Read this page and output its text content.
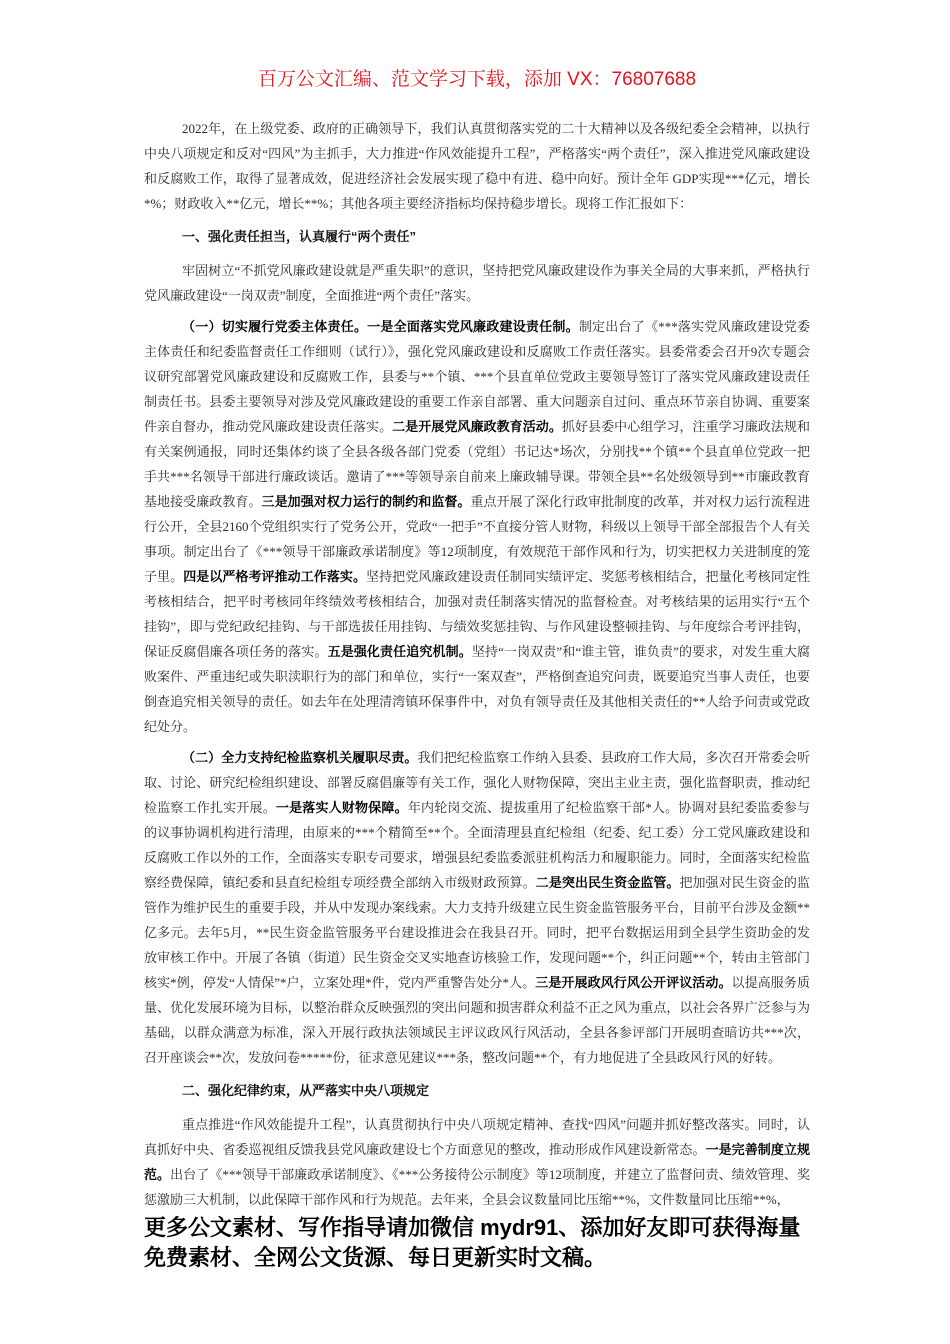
百万公文汇编、范文学习下载，添加 VX：76807688

2022年，在上级党委、政府的正确领导下，我们认真贯彻落实党的二十大精神以及各级纪委全会精神，以执行中央八项规定和反对“四风”为主抓手，大力推进“作风效能提升工程”，严格落实“两个责任”，深入推进党风廉政建设和反腐败工作，取得了显著成效，促进经济社会发展实现了稳中有进、稳中向好。预计全年 GDP实现***亿元，增长*%；财政收入**亿元，增长**%；其他各项主要经济指标均保持稳步增长。现将工作汇报如下：

一、强化责任担当，认真履行“两个责任”

牢固树立“不抓党风廉政建设就是严重失职”的意识，坚持把党风廉政建设作为事关全局的大事来抓，严格执行党风廉政建设“一岗双责”制度，全面推进“两个责任”落实。

（一）切实履行党委主体责任。一是全面落实党风廉政建设责任制。制定出台了《***落实党风廉政建设党委主体责任和纪委监督责任工作细则（试行）》，强化党风廉政建设和反腐败工作责任落实。县委常委会召开9次专题会议研究部署党风廉政建设和反腐败工作，县委与**个镇、***个县直单位党政主要领导签订了落实党风廉政建设责任制责任书。县委主要领导对涉及党风廉政建设的重要工作亲自部署、重大问题亲自过问、重点环节亲自协调、重要案件亲自督办，推动党风廉政建设责任落实。二是开展党风廉政教育活动。抓好县委中心组学习，注重学习廉政法规和有关案例通报，同时还集体约谈了全县各级各部门党委（党组）书记达*场次，分别找**个镇**个县直单位党政一把手共***名领导干部进行廉政谈话。邀请了***等领导亲自前来上廉政辅导课。带领全县**名处级领导到**市廉政教育基地接受廉政教育。三是加强对权力运行的制约和监督。重点开展了深化行政审批制度的改革，并对权力运行流程进行公开，全县2160个党组织实行了党务公开，党政“一把手”不直接分管人财物，科级以上领导干部全部报告个人有关事项。制定出台了《***领导干部廉政承诺制度》等12项制度，有效规范干部作风和行为，切实把权力关进制度的笼子里。四是以严格考评推动工作落实。坚持把党风廉政建设责任制同实绩评定、奖惩考核相结合，把量化考核同定性考核相结合，把平时考核同年终绩效考核相结合，加强对责任制落实情况的监督检查。对考核结果的运用实行“五个挂钩”，即与党纪政纪挂钩、与干部选拔任用挂钩、与绩效奖惩挂钩、与作风建设整顿挂钩、与年度综合考评挂钩，保证反腐倡廉各项任务的落实。五是强化责任追究机制。坚持“一岗双责”和“谁主管，谁负责”的要求，对发生重大腐败案件、严重违纪或失职渎职行为的部门和单位，实行“一案双查”，严格倒查追究问责，既要追究当事人责任，也要倒查追究相关领导的责任。如去年在处理清湾镇环保事件中，对负有领导责任及其他相关责任的**人给予问责或党政纪处分。

（二）全力支持纪检监察机关履职尽责。我们把纪检监察工作纳入县委、县政府工作大局，多次召开常委会听取、讨论、研究纪检组织建设、部署反腐倡廉等有关工作，强化人财物保障，突出主业主责，强化监督职责，推动纪检监察工作扎实开展。一是落实人财物保障。年内轮岗交流、提拔重用了纪检监察干部*人。协调对县纪委监委参与的议事协调机构进行清理，由原来的***个精简至**个。全面清理县直纪检组（纪委、纪工委）分工党风廉政建设和反腐败工作以外的工作，全面落实专职专司要求，增强县纪委监委派驻机构活力和履职能力。同时，全面落实纪检监察经费保障，镇纪委和县直纪检组专项经费全部纳入市级财政预算。二是突出民生资金监管。把加强对民生资金的监管作为维护民生的重要手段，并从中发现办案线索。大力支持升级建立民生资金监管服务平台，目前平台涉及金额**亿多元。去年5月，**民生资金监管服务平台建设推进会在我县召开。同时，把平台数据运用到全县学生资助金的发放审核工作中。开展了各镇（街道）民生资金交叉实地查访核验工作，发现问题**个，纠正问题**个，转由主管部门核实*例，停发“人情保”*户，立案处理*件，党内严重警告处分*人。三是开展政风行风公开评议活动。以提高服务质量、优化发展环境为目标，以整治群众反映强烈的突出问题和损害群众利益不正之风为重点，以社会各界广泛参与为基础，以群众满意为标准，深入开展行政执法领域民主评议政风行风活动，全县各参评部门开展明查暗访共***次，召开座谈会**次，发放问卷*****份，征求意见建议***条，整改问题**个，有力地促进了全县政风行风的好转。

二、强化纪律约束，从严落实中央八项规定

重点推进“作风效能提升工程”，认真贯彻执行中央八项规定精神、查找“四风”问题并抓好整改落实。同时，认真抓好中央、省委巡视组反馈我县党风廉政建设七个方面意见的整改，推动形成作风建设新常态。一是完善制度立规范。出台了《***领导干部廉政承诺制度》、《***公务接待公示制度》等12项制度，并建立了监督问责、绩效管理、奖惩激励三大机制，以此保障干部作风和行为规范。去年来，全县会议数量同比压缩**%，文件数量同比压缩**%，

更多公文素材、写作指导请加微信 mydr91、添加好友即可获得海量免费素材、全网公文货源、每日更新实时文稿。
